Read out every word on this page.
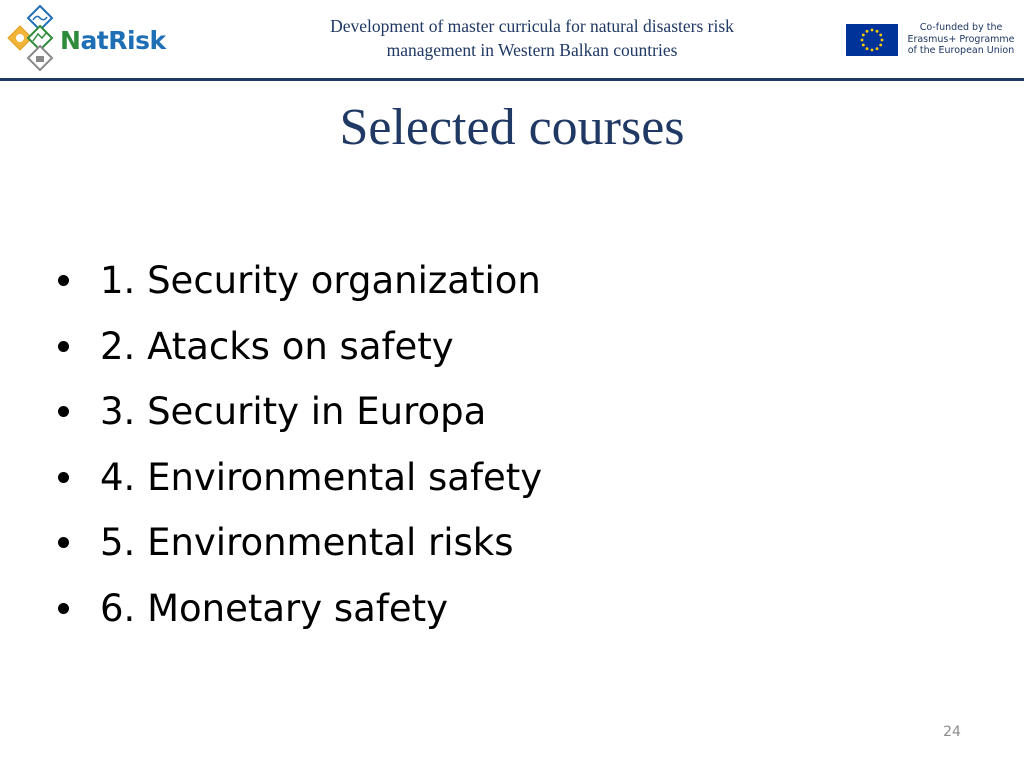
NatRisk	Development of master curricula for natural disasters risk
management in Western Balkan countries
Co-funded by the
Erasmus+ Programme
of the European Union
Selected courses
1. Security organization
2. Atacks on safety
3. Security in Europa
4. Environmental safety
5. Environmental risks
6. Monetary safety
24
